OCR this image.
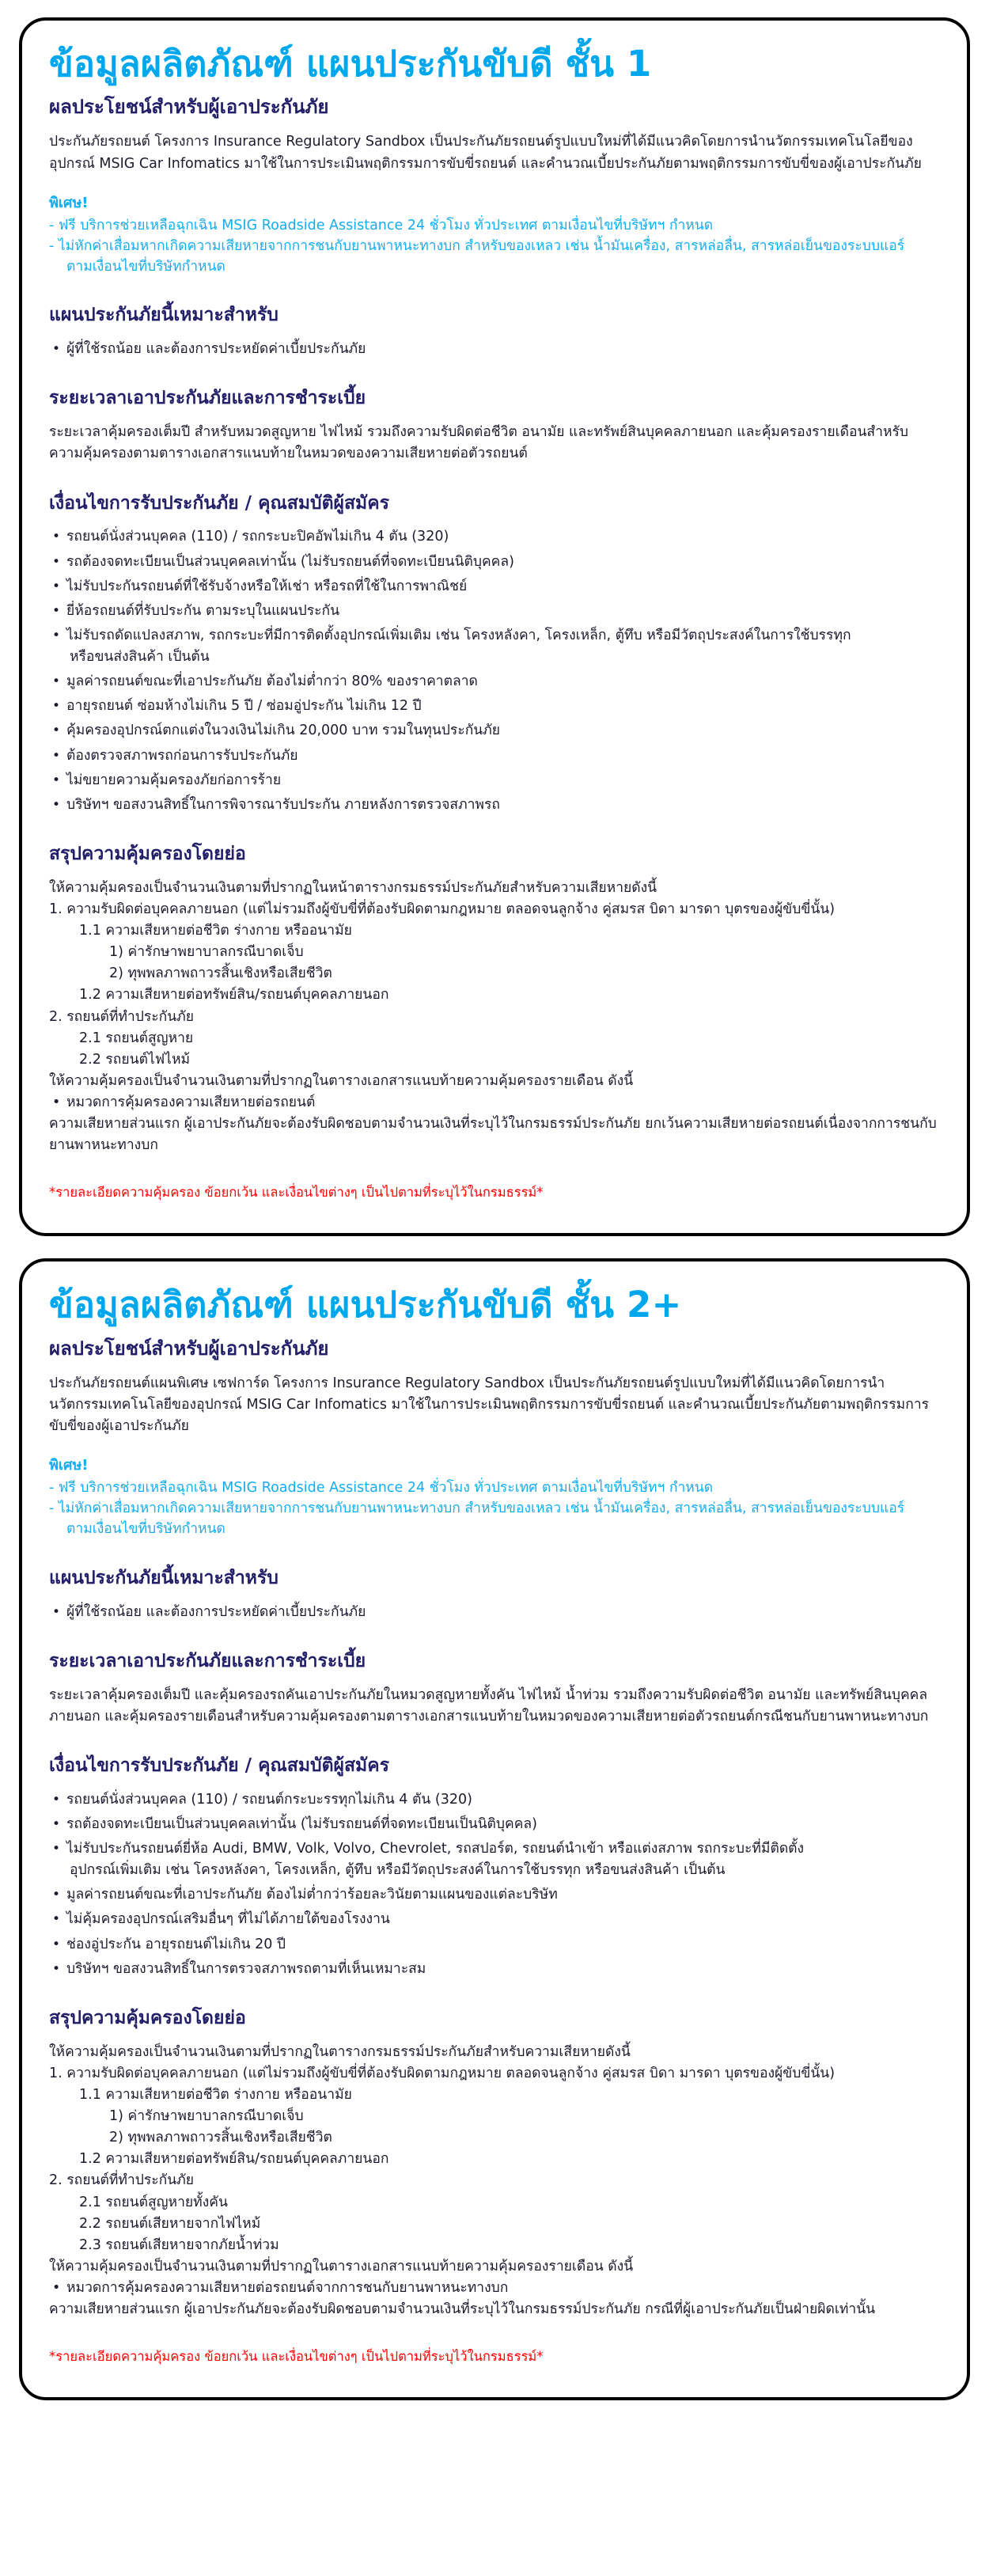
ข้อมูลผลิตภัณฑ์ แผนประกันขับดี ชั้น 1
ผลประโยชน์สำหรับผู้เอาประกันภัย

ประกันภัยรถยนต์ โครงการ Insurance Regulatory Sandbox เป็นประกันภัยรถยนต์รูปแบบใหม่ที่ได้มีแนวคิดโดยการนำนวัตกรรมเทคโนโลยีของอุปกรณ์ MSIG Car Infomatics มาใช้ในการประเมินพฤติกรรมการขับขี่รถยนต์ และคำนวณเบี้ยประกันภัยตามพฤติกรรมการขับขี่ของผู้เอาประกันภัย

พิเศษ!

- ฟรี บริการช่วยเหลือฉุกเฉิน MSIG Roadside Assistance 24 ชั่วโมง ทั่วประเทศ ตามเงื่อนไขที่บริษัทฯ กำหนด

- ไม่หักค่าเสื่อมหากเกิดความเสียหายจากการชนกับยานพาหนะทางบก สำหรับของเหลว เช่น น้ำมันเครื่อง, สารหล่อลื่น, สารหล่อเย็นของระบบแอร์

ตามเงื่อนไขที่บริษัทกำหนด

แผนประกันภัยนี้เหมาะสำหรับ
• ผู้ที่ใช้รถน้อย และต้องการประหยัดค่าเบี้ยประกันภัย
ระยะเวลาเอาประกันภัยและการชำระเบี้ย

ระยะเวลาคุ้มครองเต็มปี สำหรับหมวดสูญหาย ไฟไหม้ รวมถึงความรับผิดต่อชีวิต อนามัย และทรัพย์สินบุคคลภายนอก และคุ้มครองรายเดือนสำหรับความคุ้มครองตามตารางเอกสารแนบท้ายในหมวดของความเสียหายต่อตัวรถยนต์

เงื่อนไขการรับประกันภัย / คุณสมบัติผู้สมัคร
• รถยนต์นั่งส่วนบุคคล (110) / รถกระบะปิคอัพไม่เกิน 4 ตัน (320)
• รถต้องจดทะเบียนเป็นส่วนบุคคลเท่านั้น (ไม่รับรถยนต์ที่จดทะเบียนนิติบุคคล)
• ไม่รับประกันรถยนต์ที่ใช้รับจ้างหรือให้เช่า หรือรถที่ใช้ในการพาณิชย์
• ยี่ห้อรถยนต์ที่รับประกัน ตามระบุในแผนประกัน
• ไม่รับรถดัดแปลงสภาพ, รถกระบะที่มีการติดตั้งอุปกรณ์เพิ่มเติม เช่น โครงหลังคา, โครงเหล็ก, ตู้ทึบ หรือมีวัตถุประสงค์ในการใช้บรรทุก
หรือขนส่งสินค้า เป็นต้น
• มูลค่ารถยนต์ขณะที่เอาประกันภัย ต้องไม่ต่ำกว่า 80% ของราคาตลาด
• อายุรถยนต์ ซ่อมห้างไม่เกิน 5 ปี / ซ่อมอู่ประกัน ไม่เกิน 12 ปี
• คุ้มครองอุปกรณ์ตกแต่งในวงเงินไม่เกิน 20,000 บาท รวมในทุนประกันภัย
• ต้องตรวจสภาพรถก่อนการรับประกันภัย
• ไม่ขยายความคุ้มครองภัยก่อการร้าย
• บริษัทฯ ขอสงวนสิทธิ์ในการพิจารณารับประกัน ภายหลังการตรวจสภาพรถ
สรุปความคุ้มครองโดยย่อ

ให้ความคุ้มครองเป็นจำนวนเงินตามที่ปรากฏในหน้าตารางกรมธรรม์ประกันภัยสำหรับความเสียหายดังนี้

1. ความรับผิดต่อบุคคลภายนอก (แต่ไม่รวมถึงผู้ขับขี่ที่ต้องรับผิดตามกฎหมาย ตลอดจนลูกจ้าง คู่สมรส บิดา มารดา บุตรของผู้ขับขี่นั้น)

1.1 ความเสียหายต่อชีวิต ร่างกาย หรืออนามัย

1) ค่ารักษาพยาบาลกรณีบาดเจ็บ

2) ทุพพลภาพถาวรสิ้นเชิงหรือเสียชีวิต

1.2 ความเสียหายต่อทรัพย์สิน/รถยนต์บุคคลภายนอก

2. รถยนต์ที่ทำประกันภัย

2.1 รถยนต์สูญหาย

2.2 รถยนต์ไฟไหม้

ให้ความคุ้มครองเป็นจำนวนเงินตามที่ปรากฏในตารางเอกสารแนบท้ายความคุ้มครองรายเดือน ดังนี้

• หมวดการคุ้มครองความเสียหายต่อรถยนต์

ความเสียหายส่วนแรก ผู้เอาประกันภัยจะต้องรับผิดชอบตามจำนวนเงินที่ระบุไว้ในกรมธรรม์ประกันภัย ยกเว้นความเสียหายต่อรถยนต์เนื่องจากการชนกับยานพาหนะทางบก

*รายละเอียดความคุ้มครอง ข้อยกเว้น และเงื่อนไขต่างๆ เป็นไปตามที่ระบุไว้ในกรมธรรม์*

ข้อมูลผลิตภัณฑ์ แผนประกันขับดี ชั้น 2+
ผลประโยชน์สำหรับผู้เอาประกันภัย

ประกันภัยรถยนต์แผนพิเศษ เซฟการ์ด โครงการ Insurance Regulatory Sandbox เป็นประกันภัยรถยนต์รูปแบบใหม่ที่ได้มีแนวคิดโดยการนำนวัตกรรมเทคโนโลยีของอุปกรณ์ MSIG Car Infomatics มาใช้ในการประเมินพฤติกรรมการขับขี่รถยนต์ และคำนวณเบี้ยประกันภัยตามพฤติกรรมการขับขี่ของผู้เอาประกันภัย

พิเศษ!

- ฟรี บริการช่วยเหลือฉุกเฉิน MSIG Roadside Assistance 24 ชั่วโมง ทั่วประเทศ ตามเงื่อนไขที่บริษัทฯ กำหนด

- ไม่หักค่าเสื่อมหากเกิดความเสียหายจากการชนกับยานพาหนะทางบก สำหรับของเหลว เช่น น้ำมันเครื่อง, สารหล่อลื่น, สารหล่อเย็นของระบบแอร์

ตามเงื่อนไขที่บริษัทกำหนด

แผนประกันภัยนี้เหมาะสำหรับ
• ผู้ที่ใช้รถน้อย และต้องการประหยัดค่าเบี้ยประกันภัย
ระยะเวลาเอาประกันภัยและการชำระเบี้ย

ระยะเวลาคุ้มครองเต็มปี และคุ้มครองรถคันเอาประกันภัยในหมวดสูญหายทั้งคัน ไฟไหม้ น้ำท่วม รวมถึงความรับผิดต่อชีวิต อนามัย และทรัพย์สินบุคคลภายนอก และคุ้มครองรายเดือนสำหรับความคุ้มครองตามตารางเอกสารแนบท้ายในหมวดของความเสียหายต่อตัวรถยนต์กรณีชนกับยานพาหนะทางบก

เงื่อนไขการรับประกันภัย / คุณสมบัติผู้สมัคร
• รถยนต์นั่งส่วนบุคคล (110) / รถยนต์กระบะรรทุกไม่เกิน 4 ตัน (320)
• รถต้องจดทะเบียนเป็นส่วนบุคคลเท่านั้น (ไม่รับรถยนต์ที่จดทะเบียนเป็นนิติบุคคล)
• ไม่รับประกันรถยนต์ยี่ห้อ Audi, BMW, Volk, Volvo, Chevrolet, รถสปอร์ต, รถยนต์นำเข้า หรือแต่งสภาพ รถกระบะที่มีติดตั้ง
อุปกรณ์เพิ่มเติม เช่น โครงหลังคา, โครงเหล็ก, ตู้ทึบ หรือมีวัตถุประสงค์ในการใช้บรรทุก หรือขนส่งสินค้า เป็นต้น
• มูลค่ารถยนต์ขณะที่เอาประกันภัย ต้องไม่ต่ำกว่าร้อยละวินัยตามแผนของแต่ละบริษัท
• ไม่คุ้มครองอุปกรณ์เสริมอื่นๆ ที่ไม่ได้ภายใต้ของโรงงาน
• ช่องอู่ประกัน อายุรถยนต์ไม่เกิน 20 ปี
• บริษัทฯ ขอสงวนสิทธิ์ในการตรวจสภาพรถตามที่เห็นเหมาะสม
สรุปความคุ้มครองโดยย่อ

ให้ความคุ้มครองเป็นจำนวนเงินตามที่ปรากฏในตารางกรมธรรม์ประกันภัยสำหรับความเสียหายดังนี้

1. ความรับผิดต่อบุคคลภายนอก (แต่ไม่รวมถึงผู้ขับขี่ที่ต้องรับผิดตามกฎหมาย ตลอดจนลูกจ้าง คู่สมรส บิดา มารดา บุตรของผู้ขับขี่นั้น)

1.1 ความเสียหายต่อชีวิต ร่างกาย หรืออนามัย

1) ค่ารักษาพยาบาลกรณีบาดเจ็บ

2) ทุพพลภาพถาวรสิ้นเชิงหรือเสียชีวิต

1.2 ความเสียหายต่อทรัพย์สิน/รถยนต์บุคคลภายนอก

2. รถยนต์ที่ทำประกันภัย

2.1 รถยนต์สูญหายทั้งคัน

2.2 รถยนต์เสียหายจากไฟไหม้

2.3 รถยนต์เสียหายจากภัยน้ำท่วม

ให้ความคุ้มครองเป็นจำนวนเงินตามที่ปรากฏในตารางเอกสารแนบท้ายความคุ้มครองรายเดือน ดังนี้

• หมวดการคุ้มครองความเสียหายต่อรถยนต์จากการชนกับยานพาหนะทางบก

ความเสียหายส่วนแรก ผู้เอาประกันภัยจะต้องรับผิดชอบตามจำนวนเงินที่ระบุไว้ในกรมธรรม์ประกันภัย กรณีที่ผู้เอาประกันภัยเป็นฝ่ายผิดเท่านั้น

*รายละเอียดความคุ้มครอง ข้อยกเว้น และเงื่อนไขต่างๆ เป็นไปตามที่ระบุไว้ในกรมธรรม์*
